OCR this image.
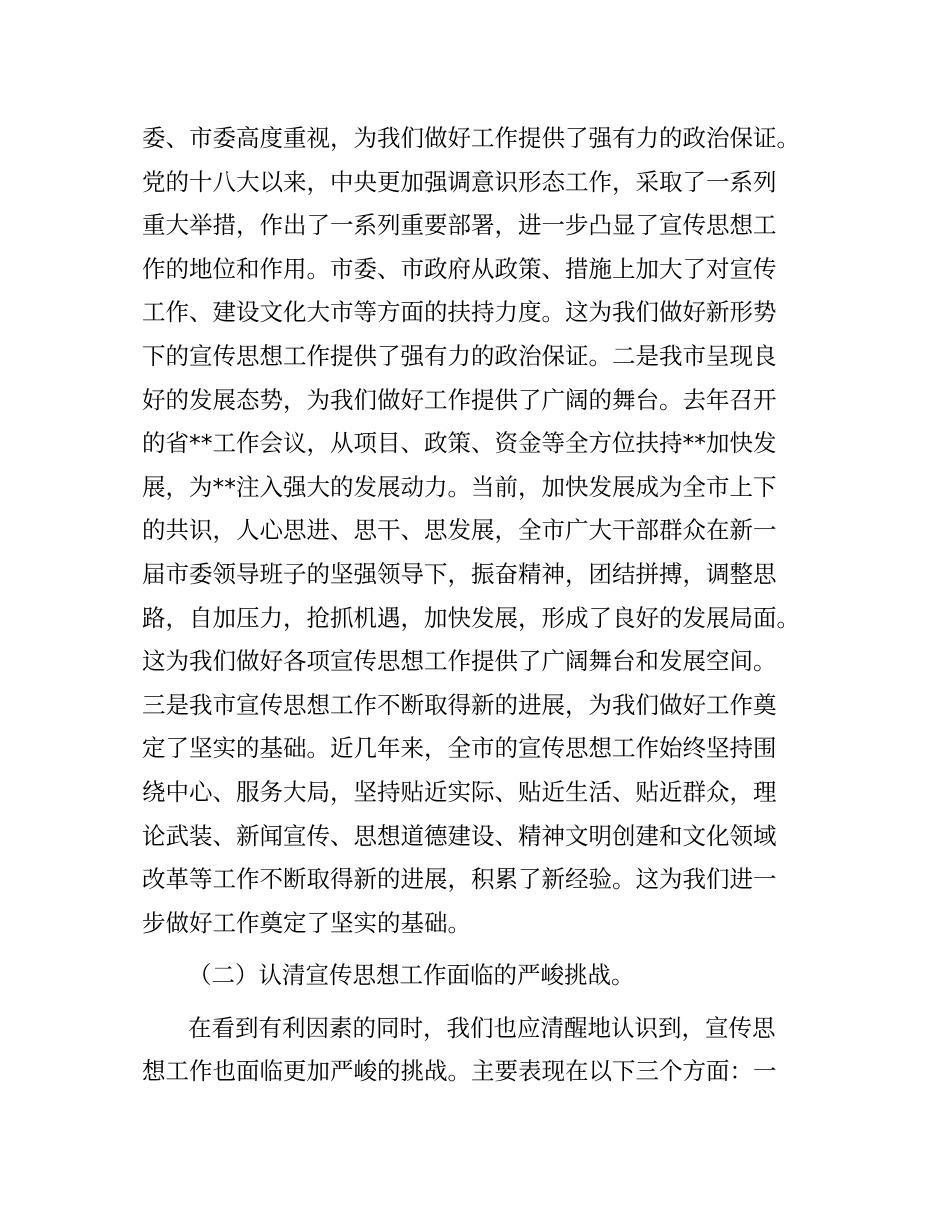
委、市委高度重视，为我们做好工作提供了强有力的政治保证。
党的十八大以来，中央更加强调意识形态工作，采取了一系列
重大举措，作出了一系列重要部署，进一步凸显了宣传思想工
作的地位和作用。市委、市政府从政策、措施上加大了对宣传
工作、建设文化大市等方面的扶持力度。这为我们做好新形势
下的宣传思想工作提供了强有力的政治保证。二是我市呈现良
好的发展态势，为我们做好工作提供了广阔的舞台。去年召开
的省**工作会议，从项目、政策、资金等全方位扶持**加快发
展，为**注入强大的发展动力。当前，加快发展成为全市上下
的共识，人心思进、思干、思发展，全市广大干部群众在新一
届市委领导班子的坚强领导下，振奋精神，团结拼搏，调整思
路，自加压力，抢抓机遇，加快发展，形成了良好的发展局面。
这为我们做好各项宣传思想工作提供了广阔舞台和发展空间。
三是我市宣传思想工作不断取得新的进展，为我们做好工作奠
定了坚实的基础。近几年来，全市的宣传思想工作始终坚持围
绕中心、服务大局，坚持贴近实际、贴近生活、贴近群众，理
论武装、新闻宣传、思想道德建设、精神文明创建和文化领域
改革等工作不断取得新的进展，积累了新经验。这为我们进一
步做好工作奠定了坚实的基础。
（二）认清宣传思想工作面临的严峻挑战。
在看到有利因素的同时，我们也应清醒地认识到，宣传思
想工作也面临更加严峻的挑战。主要表现在以下三个方面：一
